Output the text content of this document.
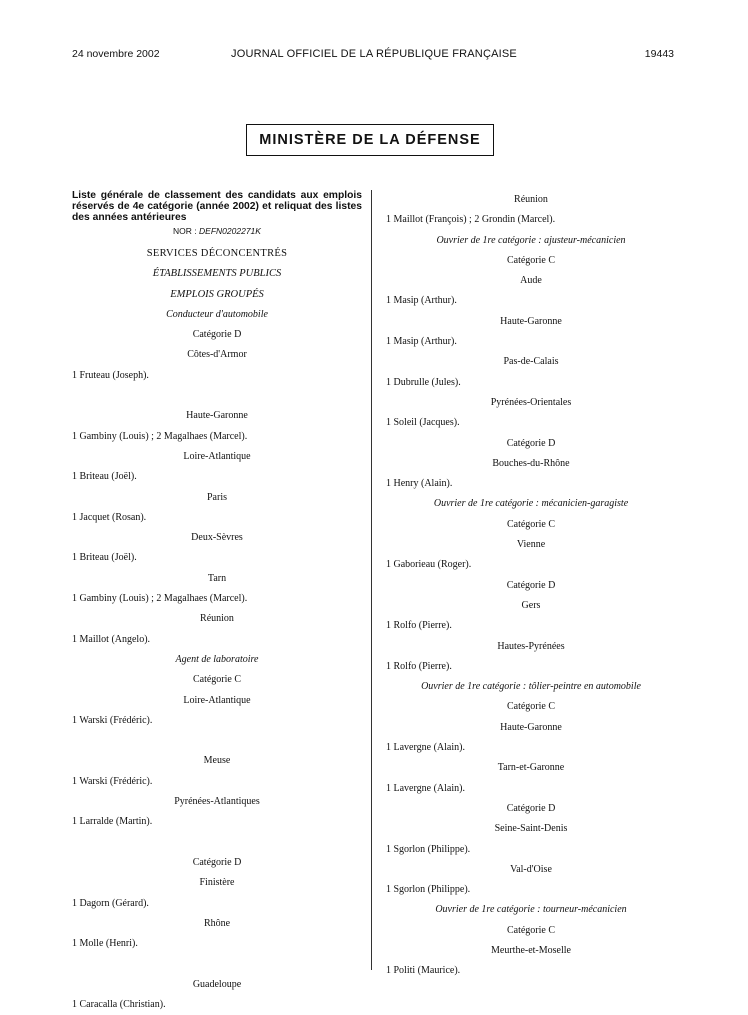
JOURNAL OFFICIEL DE LA RÉPUBLIQUE FRANÇAISE
24 novembre 2002	19443
MINISTÈRE DE LA DÉFENSE
Liste générale de classement des candidats aux emplois réservés de 4e catégorie (année 2002) et reliquat des listes des années antérieures
NOR : DEFN0202271K
SERVICES DÉCONCENTRÉS
ÉTABLISSEMENTS PUBLICS
EMPLOIS GROUPÉS
Conducteur d'automobile
Catégorie D
Côtes-d'Armor
1 Fruteau (Joseph).
Haute-Garonne
1 Gambiny (Louis) ; 2 Magalhaes (Marcel).
Loire-Atlantique
1 Briteau (Joël).
Paris
1 Jacquet (Rosan).
Deux-Sèvres
1 Briteau (Joël).
Tarn
1 Gambiny (Louis) ; 2 Magalhaes (Marcel).
Réunion
1 Maillot (Angelo).
Agent de laboratoire
Catégorie C
Loire-Atlantique
1 Warski (Frédéric).
Meuse
1 Warski (Frédéric).
Pyrénées-Atlantiques
1 Larralde (Martin).
Catégorie D
Finistère
1 Dagorn (Gérard).
Rhône
1 Molle (Henri).
Guadeloupe
1 Caracalla (Christian).
Réunion
1 Maillot (François) ; 2 Grondin (Marcel).
Ouvrier de 1re catégorie : ajusteur-mécanicien
Catégorie C
Aude
1 Masip (Arthur).
Haute-Garonne
1 Masip (Arthur).
Pas-de-Calais
1 Dubrulle (Jules).
Pyrénées-Orientales
1 Soleil (Jacques).
Catégorie D
Bouches-du-Rhône
1 Henry (Alain).
Ouvrier de 1re catégorie : mécanicien-garagiste
Catégorie C
Vienne
1 Gaborieau (Roger).
Catégorie D
Gers
1 Rolfo (Pierre).
Hautes-Pyrénées
1 Rolfo (Pierre).
Ouvrier de 1re catégorie : tôlier-peintre en automobile
Catégorie C
Haute-Garonne
1 Lavergne (Alain).
Tarn-et-Garonne
1 Lavergne (Alain).
Catégorie D
Seine-Saint-Denis
1 Sgorlon (Philippe).
Val-d'Oise
1 Sgorlon (Philippe).
Ouvrier de 1re catégorie : tourneur-mécanicien
Catégorie C
Meurthe-et-Moselle
1 Politi (Maurice).
